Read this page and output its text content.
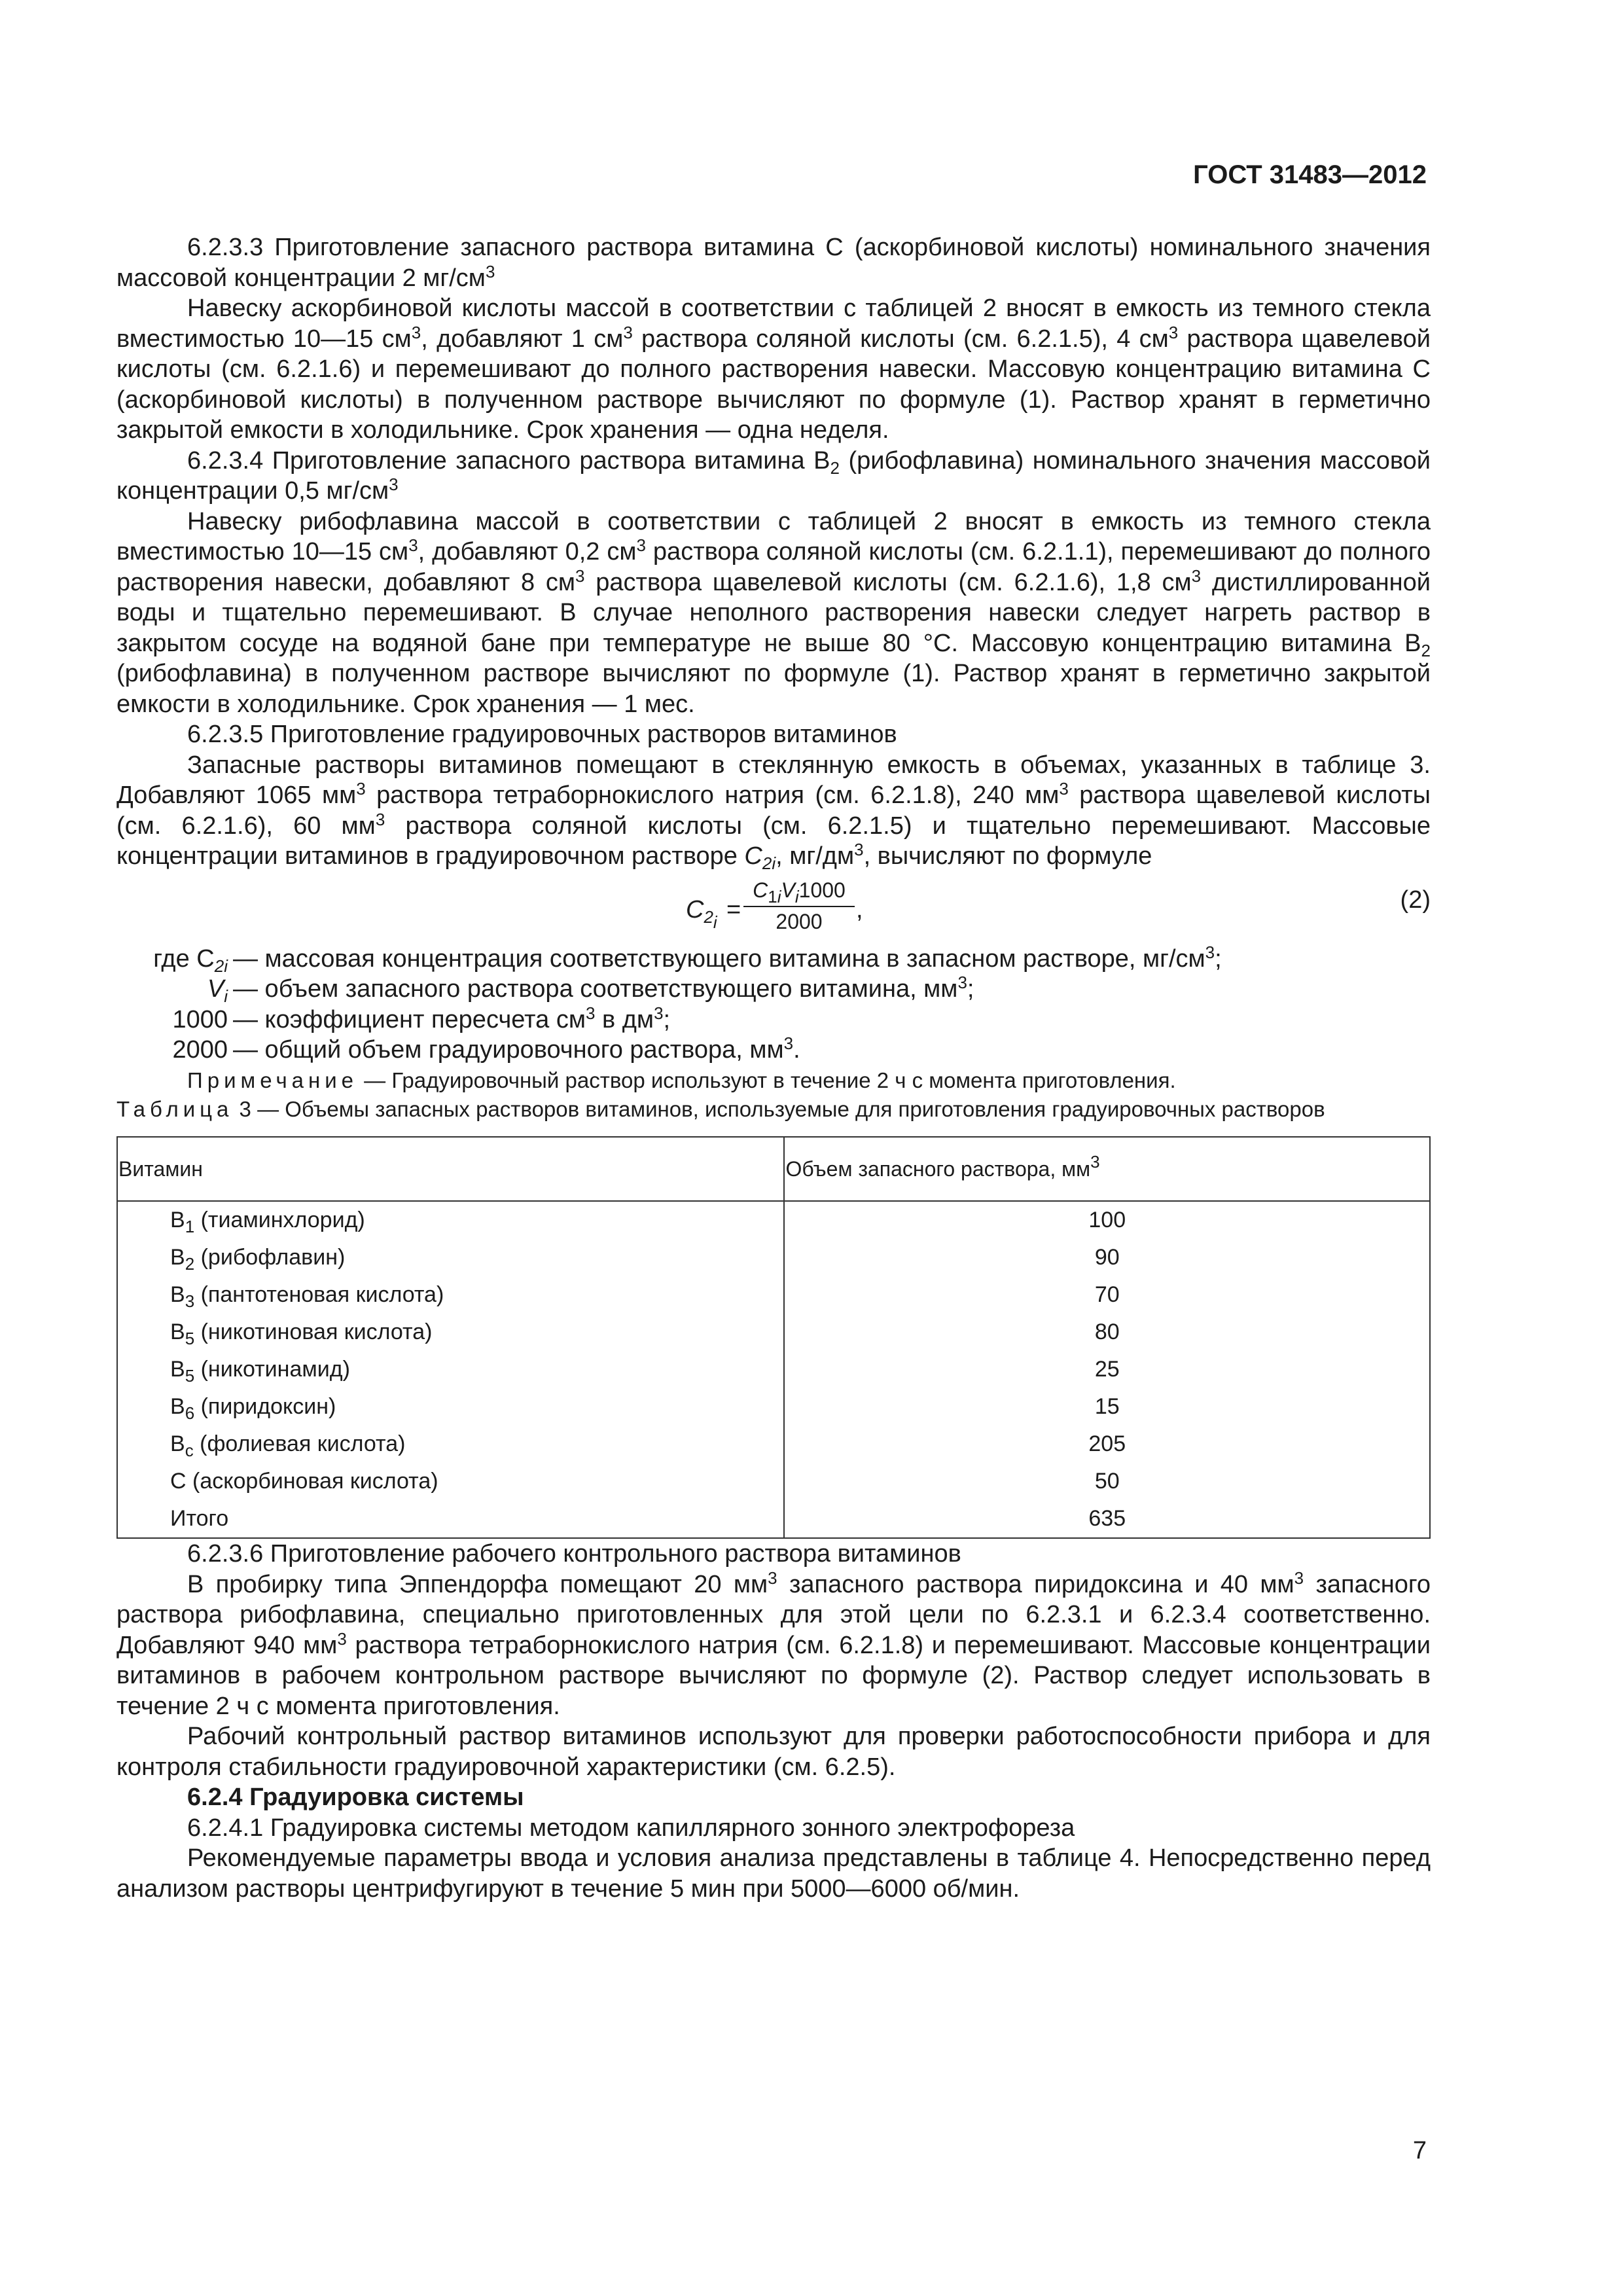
ГОСТ 31483—2012

6.2.3.3 Приготовление запасного раствора витамина С (аскорбиновой кислоты) номинального значения массовой концентрации 2 $мг/см^3$

Навеску аскорбиновой кислоты массой в соответствии с таблицей 2 вносят в емкость из темного стекла вместимостью 10—15 $см^3$, добавляют 1 $см^3$ раствора соляной кислоты (см. 6.2.1.5), 4 $см^3$ раствора щавелевой кислоты (см. 6.2.1.6) и перемешивают до полного растворения навески. Массовую концентрацию витамина С (аскорбиновой кислоты) в полученном растворе вычисляют по формуле (1). Раствор хранят в герметично закрытой емкости в холодильнике. Срок хранения — одна неделя.

6.2.3.4 Приготовление запасного раствора витамина $В_2$ (рибофлавина) номинального значения массовой концентрации 0,5 $мг/см^3$

Навеску рибофлавина массой в соответствии с таблицей 2 вносят в емкость из темного стекла вместимостью 10—15 $см^3$, добавляют 0,2 $см^3$ раствора соляной кислоты (см. 6.2.1.1), перемешивают до полного растворения навески, добавляют 8 $см^3$ раствора щавелевой кислоты (см. 6.2.1.6), 1,8 $см^3$ дистиллированной воды и тщательно перемешивают. В случае неполного растворения навески следует нагреть раствор в закрытом сосуде на водяной бане при температуре не выше 80 °С. Массовую концентрацию витамина $В_2$ (рибофлавина) в полученном растворе вычисляют по формуле (1). Раствор хранят в герметично закрытой емкости в холодильнике. Срок хранения — 1 мес.

6.2.3.5 Приготовление градуировочных растворов витаминов

Запасные растворы витаминов помещают в стеклянную емкость в объемах, указанных в таблице 3. Добавляют 1065 $мм^3$ раствора тетраборнокислого натрия (см. 6.2.1.8), 240 $мм^3$ раствора щавелевой кислоты (см. 6.2.1.6), 60 $мм^3$ раствора соляной кислоты (см. 6.2.1.5) и тщательно перемешивают. Массовые концентрации витаминов в градуировочном растворе $C_{2i}$, $мг/дм^3$, вычисляют по формуле

$C_{2_i}$ =
$C_{1i}V_i1000$
2000	,	(2)
где $C_{2i}$ — массовая концентрация соответствующего витамина в запасном растворе, $мг/см^3$;
$V_i$ — объем запасного раствора соответствующего витамина, $мм^3$;
1000 — коэффициент пересчета $см^3$ в $дм^3$;
2000 — общий объем градуировочного раствора, $мм^3$.

Примечание — Градуировочный раствор используют в течение 2 ч с момента приготовления.

Таблица 3 — Объемы запасных растворов витаминов, используемые для приготовления градуировочных растворов

Витамин	Объем запасного раствора, $мм^3$
$B_1$ (тиаминхлорид)	100
$B_2$ (рибофлавин)	90
$B_3$ (пантотеновая кислота)	70
$B_5$ (никотиновая кислота)	80
$B_5$ (никотинамид)	25
$B_6$ (пиридоксин)	15
$B_c$ (фолиевая кислота)	205
C (аскорбиновая кислота)	50
Итого	635

6.2.3.6 Приготовление рабочего контрольного раствора витаминов

В пробирку типа Эппендорфа помещают 20 $мм^3$ запасного раствора пиридоксина и 40 $мм^3$ запасного раствора рибофлавина, специально приготовленных для этой цели по 6.2.3.1 и 6.2.3.4 соответственно. Добавляют 940 $мм^3$ раствора тетраборнокислого натрия (см. 6.2.1.8) и перемешивают. Массовые концентрации витаминов в рабочем контрольном растворе вычисляют по формуле (2). Раствор следует использовать в течение 2 ч с момента приготовления.

Рабочий контрольный раствор витаминов используют для проверки работоспособности прибора и для контроля стабильности градуировочной характеристики (см. 6.2.5).

6.2.4 Градуировка системы

6.2.4.1 Градуировка системы методом капиллярного зонного электрофореза

Рекомендуемые параметры ввода и условия анализа представлены в таблице 4. Непосредственно перед анализом растворы центрифугируют в течение 5 мин при 5000—6000 об/мин.

7
